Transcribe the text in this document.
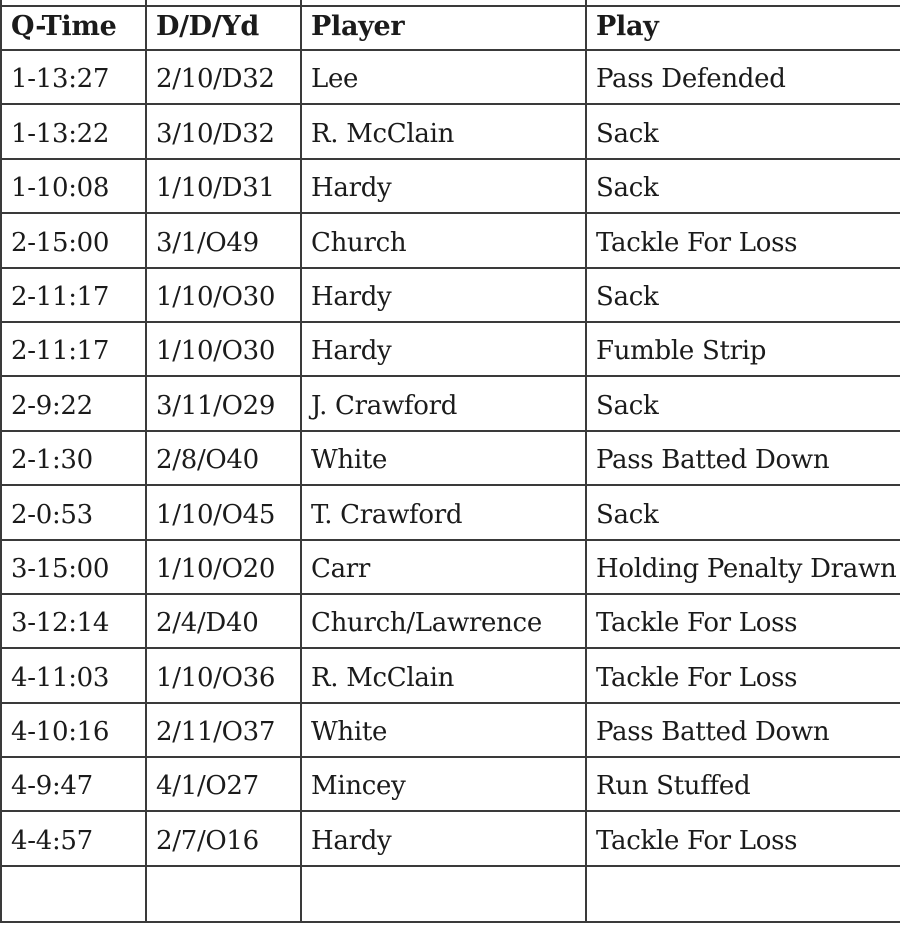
Q-Time	D/D/Yd	Player	Play
1-13:27	2/10/D32	Lee	Pass Defended
1-13:22	3/10/D32	R. McClain	Sack
1-10:08	1/10/D31	Hardy	Sack
2-15:00	3/1/O49	Church	Tackle For Loss
2-11:17	1/10/O30	Hardy	Sack
2-11:17	1/10/O30	Hardy	Fumble Strip
2-9:22	3/11/O29	J. Crawford	Sack
2-1:30	2/8/O40	White	Pass Batted Down
2-0:53	1/10/O45	T. Crawford	Sack
3-15:00	1/10/O20	Carr	Holding Penalty Drawn
3-12:14	2/4/D40	Church/Lawrence	Tackle For Loss
4-11:03	1/10/O36	R. McClain	Tackle For Loss
4-10:16	2/11/O37	White	Pass Batted Down
4-9:47	4/1/O27	Mincey	Run Stuffed
4-4:57	2/7/O16	Hardy	Tackle For Loss
